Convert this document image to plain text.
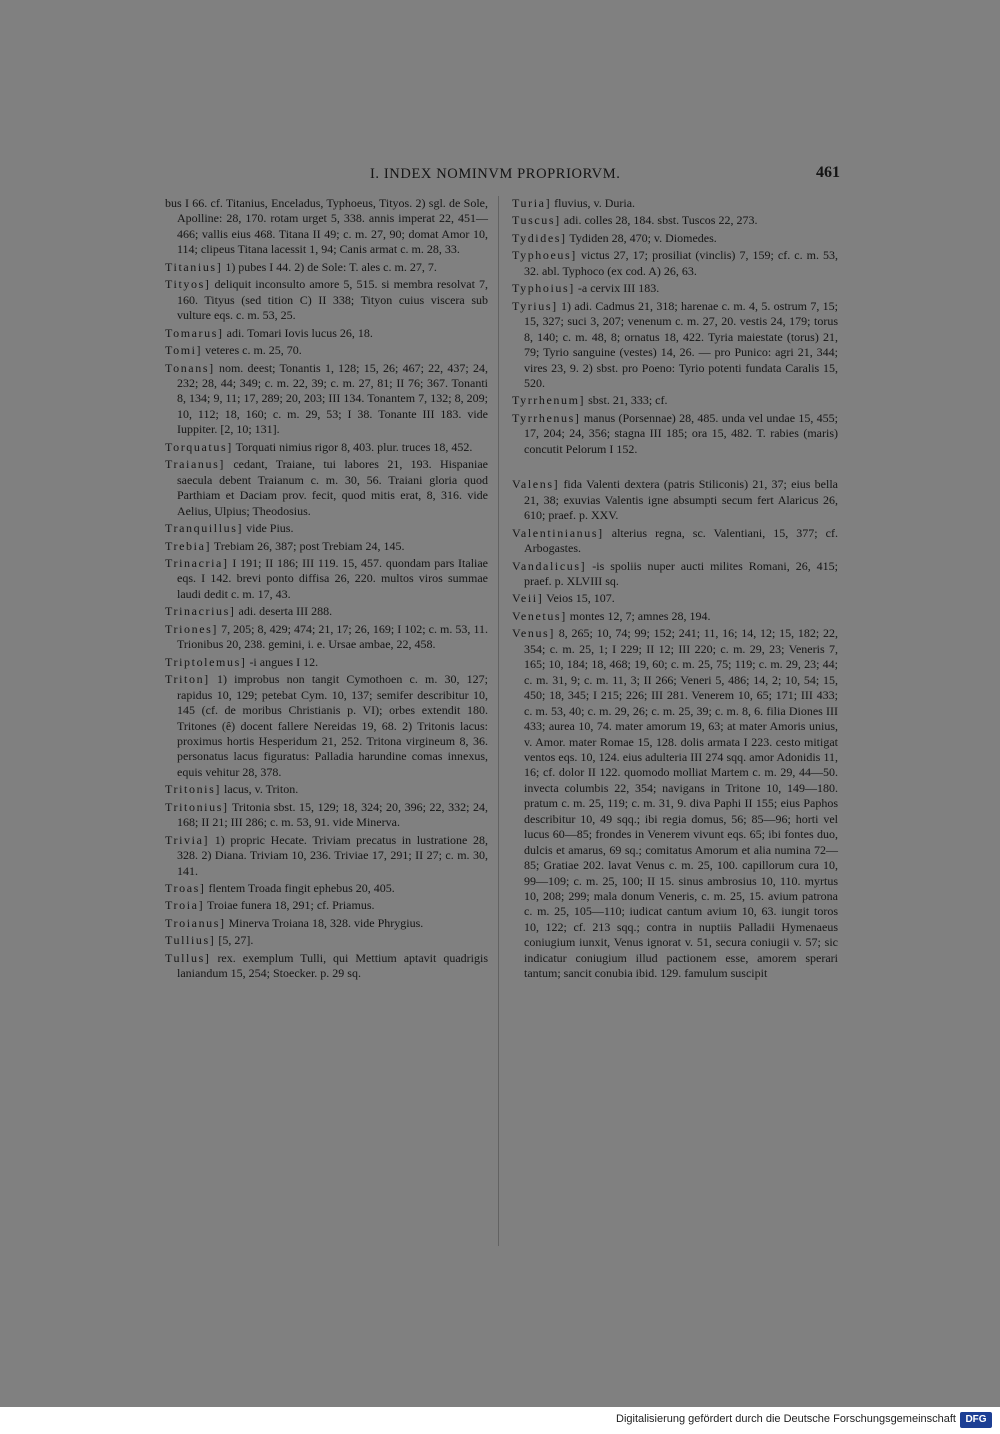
I. INDEX NOMINVM PROPRIORVM.	461

bus I 66. cf. Titanius, Enceladus, Typhoeus, Tityos. 2) sgl. de Sole, Apolline: 28, 170. rotam urget 5, 338. annis imperat 22, 451—466; vallis eius 468. Titana II 49; c. m. 27, 90; domat Amor 10, 114; clipeus Titana lacessit 1, 94; Canis armat c. m. 28, 33.

Titanius] 1) pubes I 44. 2) de Sole: T. ales c. m. 27, 7.

Tityos] deliquit inconsulto amore 5, 515. si membra resolvat 7, 160. Tityus (sed tition C) II 338; Tityon cuius viscera sub vulture eqs. c. m. 53, 25.

Tomarus] adi. Tomari Iovis lucus 26, 18.

Tomi] veteres c. m. 25, 70.

Tonans] nom. deest; Tonantis 1, 128; 15, 26; 467; 22, 437; 24, 232; 28, 44; 349; c. m. 22, 39; c. m. 27, 81; II 76; 367. Tonanti 8, 134; 9, 11; 17, 289; 20, 203; III 134. Tonantem 7, 132; 8, 209; 10, 112; 18, 160; c. m. 29, 53; I 38. Tonante III 183. vide Iuppiter. [2, 10; 131].

Torquatus] Torquati nimius rigor 8, 403. plur. truces 18, 452.

Traianus] cedant, Traiane, tui labores 21, 193. Hispaniae saecula debent Traianum c. m. 30, 56. Traiani gloria quod Parthiam et Daciam prov. fecit, quod mitis erat, 8, 316. vide Aelius, Ulpius; Theodosius.

Tranquillus] vide Pius.

Trebia] Trebiam 26, 387; post Trebiam 24, 145.

Trinacria] I 191; II 186; III 119. 15, 457. quondam pars Italiae eqs. I 142. brevi ponto diffisa 26, 220. multos viros summae laudi dedit c. m. 17, 43.

Trinacrius] adi. deserta III 288.

Triones] 7, 205; 8, 429; 474; 21, 17; 26, 169; I 102; c. m. 53, 11. Trionibus 20, 238. gemini, i. e. Ursae ambae, 22, 458.

Triptolemus] -i angues I 12.

Triton] 1) improbus non tangit Cymothoen c. m. 30, 127; rapidus 10, 129; petebat Cym. 10, 137; semifer describitur 10, 145 (cf. de moribus Christianis p. VI); orbes extendit 180. Tritones (ê) docent fallere Nereidas 19, 68. 2) Tritonis lacus: proximus hortis Hesperidum 21, 252. Tritona virgineum 8, 36. personatus lacus figuratus: Palladia harundine comas innexus, equis vehitur 28, 378.

Tritonis] lacus, v. Triton.

Tritonius] Tritonia sbst. 15, 129; 18, 324; 20, 396; 22, 332; 24, 168; II 21; III 286; c. m. 53, 91. vide Minerva.

Trivia] 1) propric Hecate. Triviam precatus in lustratione 28, 328. 2) Diana. Triviam 10, 236. Triviae 17, 291; II 27; c. m. 30, 141.

Troas] flentem Troada fingit ephebus 20, 405.

Troia] Troiae funera 18, 291; cf. Priamus.

Troianus] Minerva Troiana 18, 328. vide Phrygius.

Tullius] [5, 27].

Tullus] rex. exemplum Tulli, qui Mettium aptavit quadrigis laniandum 15, 254; Stoecker. p. 29 sq.

Turia] fluvius, v. Duria.

Tuscus] adi. colles 28, 184. sbst. Tuscos 22, 273.

Tydides] Tydiden 28, 470; v. Diomedes.

Typhoeus] victus 27, 17; prosiliat (vinclis) 7, 159; cf. c. m. 53, 32. abl. Typhoco (ex cod. A) 26, 63.

Typhoius] -a cervix III 183.

Tyrius] 1) adi. Cadmus 21, 318; harenae c. m. 4, 5. ostrum 7, 15; 15, 327; suci 3, 207; venenum c. m. 27, 20. vestis 24, 179; torus 8, 140; c. m. 48, 8; ornatus 18, 422. Tyria maiestate (torus) 21, 79; Tyrio sanguine (vestes) 14, 26. — pro Punico: agri 21, 344; vires 23, 9. 2) sbst. pro Poeno: Tyrio potenti fundata Caralis 15, 520.

Tyrrhenum] sbst. 21, 333; cf.

Tyrrhenus] manus (Porsennae) 28, 485. unda vel undae 15, 455; 17, 204; 24, 356; stagna III 185; ora 15, 482. T. rabies (maris) concutit Pelorum I 152.

Valens] fida Valenti dextera (patris Stiliconis) 21, 37; eius bella 21, 38; exuvias Valentis igne absumpti secum fert Alaricus 26, 610; praef. p. XXV.

Valentinianus] alterius regna, sc. Valentiani, 15, 377; cf. Arbogastes.

Vandalicus] -is spoliis nuper aucti milites Romani, 26, 415; praef. p. XLVIII sq.

Veii] Veios 15, 107.

Venetus] montes 12, 7; amnes 28, 194.

Venus] 8, 265; 10, 74; 99; 152; 241; 11, 16; 14, 12; 15, 182; 22, 354; c. m. 25, 1; I 229; II 12; III 220; c. m. 29, 23; Veneris 7, 165; 10, 184; 18, 468; 19, 60; c. m. 25, 75; 119; c. m. 29, 23; 44; c. m. 31, 9; c. m. 11, 3; II 266; Veneri 5, 486; 14, 2; 10, 54; 15, 450; 18, 345; I 215; 226; III 281. Venerem 10, 65; 171; III 433; c. m. 53, 40; c. m. 29, 26; c. m. 25, 39; c. m. 8, 6. filia Diones III 433; aurea 10, 74. mater amorum 19, 63; at mater Amoris unius, v. Amor. mater Romae 15, 128. dolis armata I 223. cesto mitigat ventos eqs. 10, 124. eius adulteria III 274 sqq. amor Adonidis 11, 16; cf. dolor II 122. quomodo molliat Martem c. m. 29, 44—50. invecta columbis 22, 354; navigans in Tritone 10, 149—180. pratum c. m. 25, 119; c. m. 31, 9. diva Paphi II 155; eius Paphos describitur 10, 49 sqq.; ibi regia domus, 56; 85—96; horti vel lucus 60—85; frondes in Venerem vivunt eqs. 65; ibi fontes duo, dulcis et amarus, 69 sq.; comitatus Amorum et alia numina 72—85; Gratiae 202. lavat Venus c. m. 25, 100. capillorum cura 10, 99—109; c. m. 25, 100; II 15. sinus ambrosius 10, 110. myrtus 10, 208; 299; mala donum Veneris, c. m. 25, 15. avium patrona c. m. 25, 105—110; iudicat cantum avium 10, 63. iungit toros 10, 122; cf. 213 sqq.; contra in nuptiis Palladii Hymenaeus coniugium iunxit, Venus ignorat v. 51, secura coniugii v. 57; sic indicatur coniugium illud pactionem esse, amorem sperari tantum; sancit conubia ibid. 129. famulum suscipit

Digitalisierung gefördert durch die Deutsche Forschungsgemeinschaft DFG
